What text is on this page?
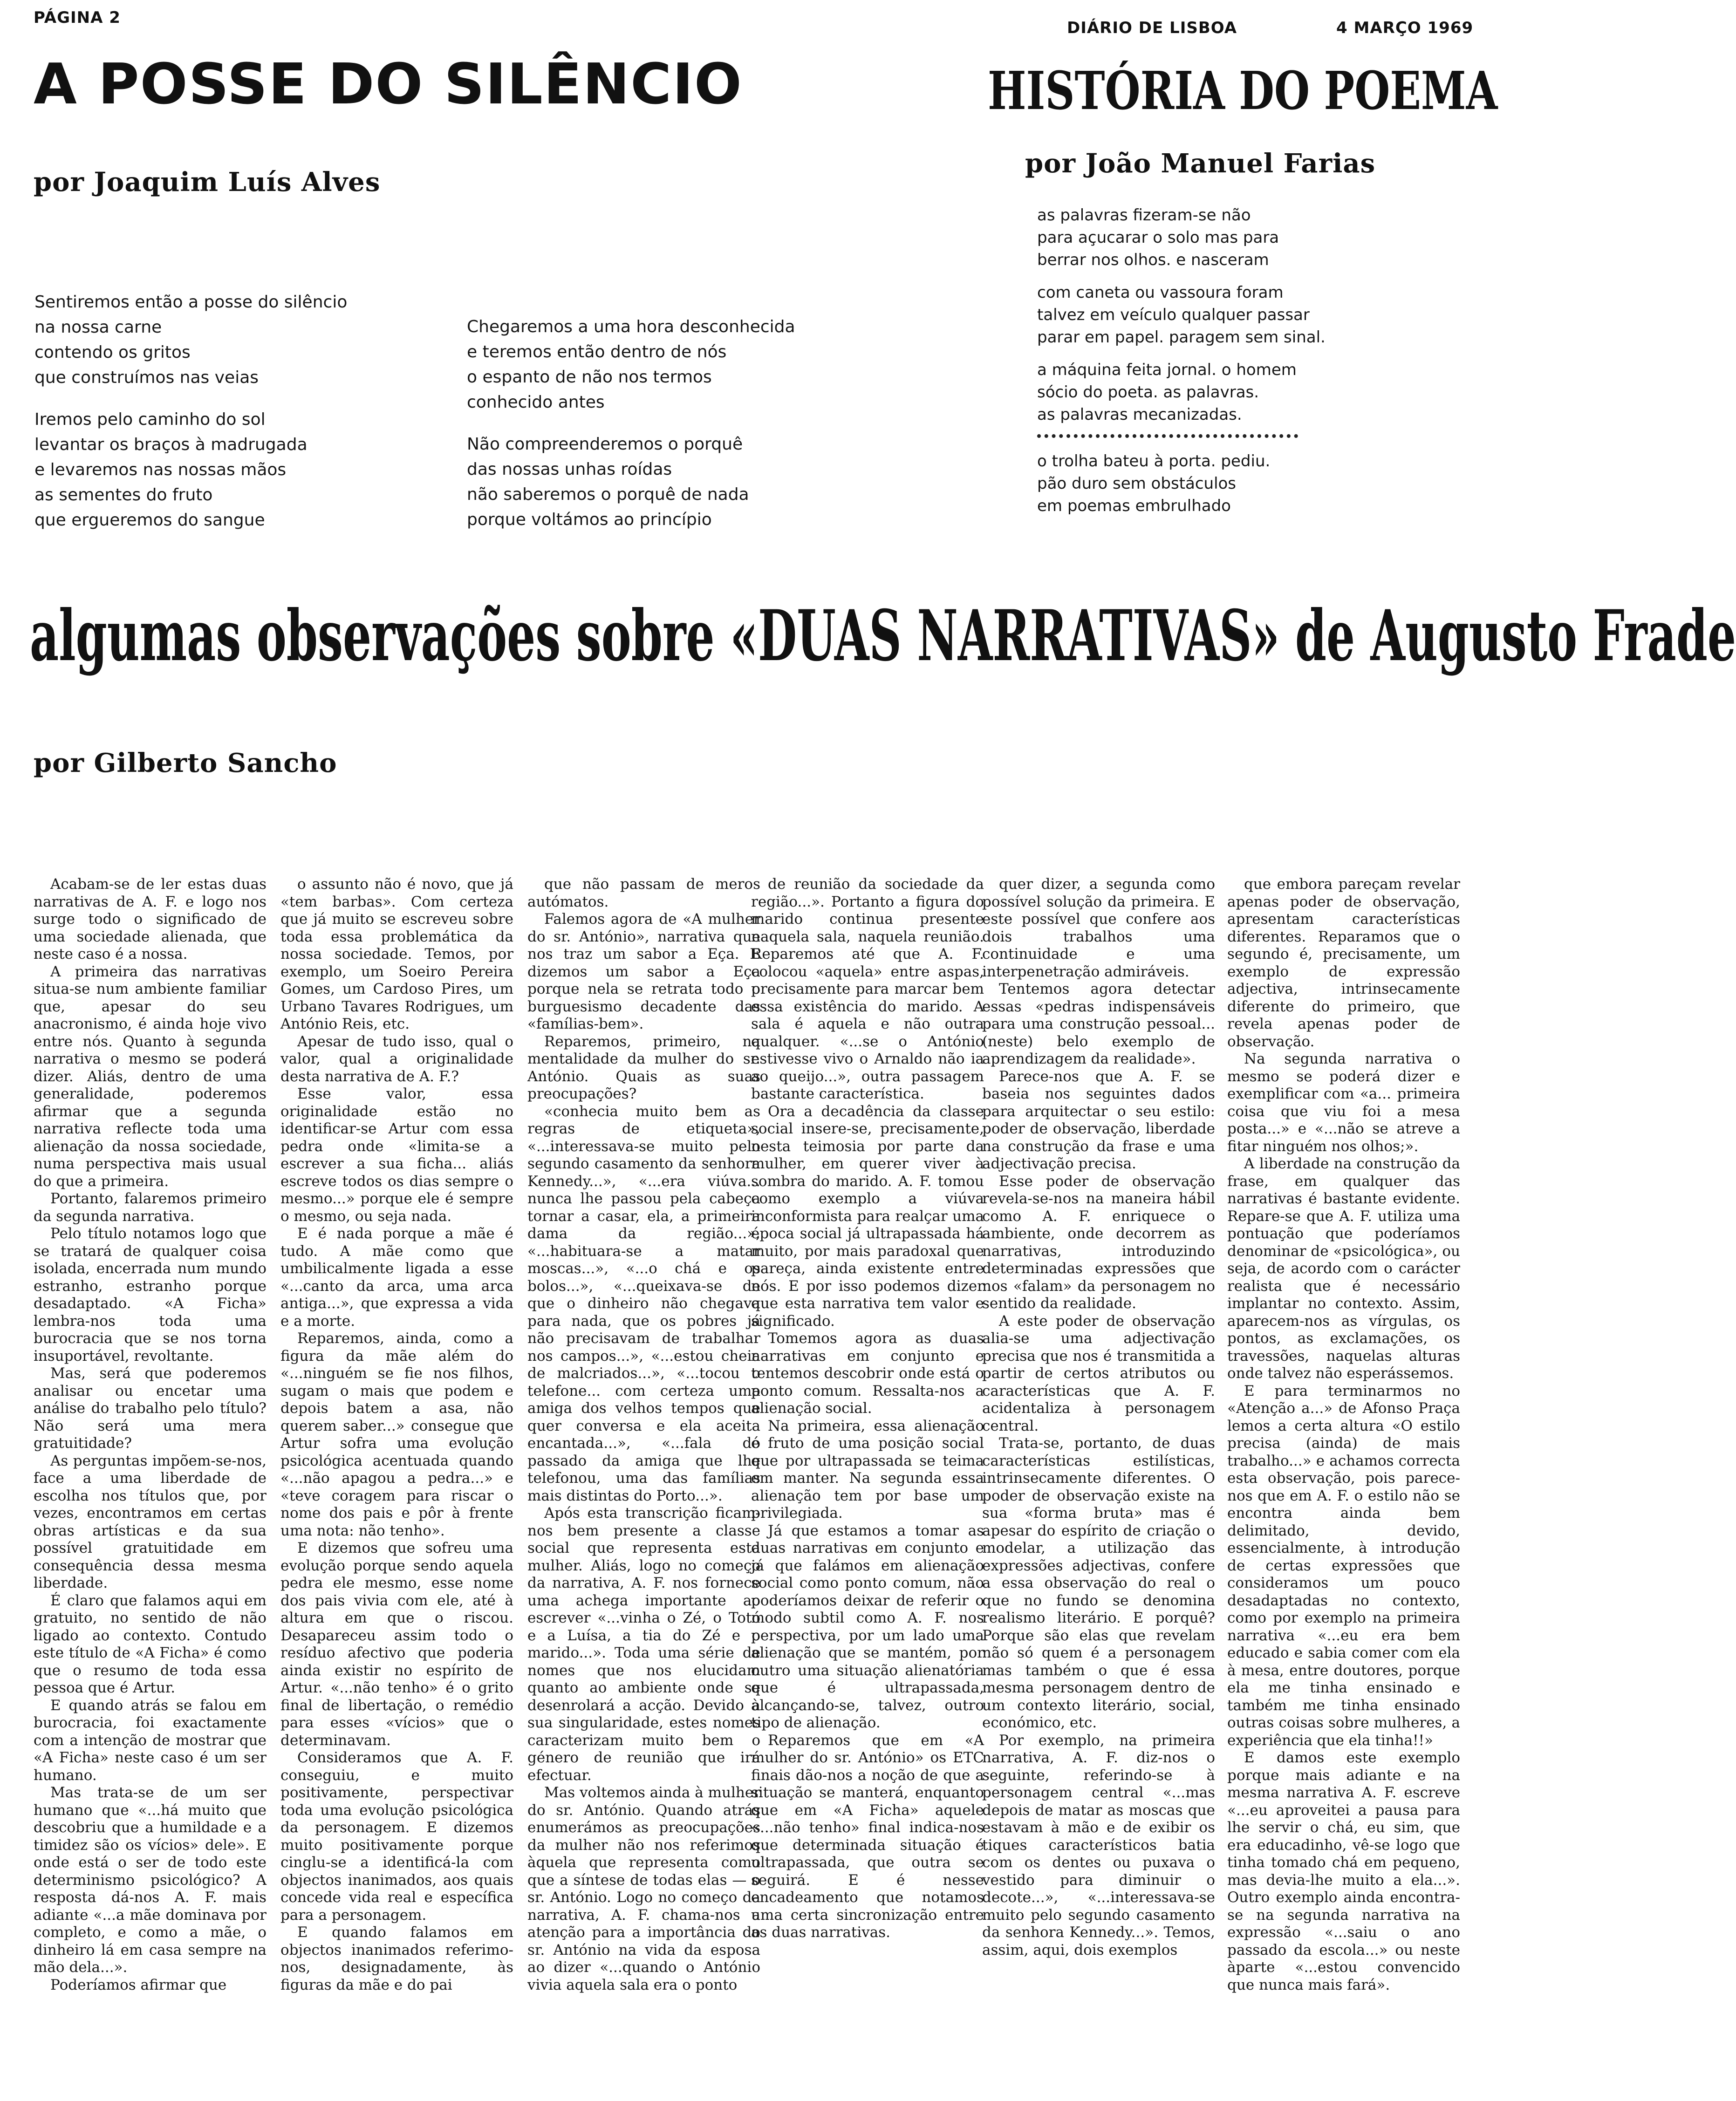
PÁGINA 2
DIÁRIO DE LISBOA	4 MARÇO 1969
A POSSE DO SILÊNCIO
por Joaquim Luís Alves
Sentiremos então a posse do silêncio
na nossa carne
contendo os gritos
que construímos nas veias
Iremos pelo caminho do sol
levantar os braços à madrugada
e levaremos nas nossas mãos
as sementes do fruto
que ergueremos do sangue
Chegaremos a uma hora desconhecida
e teremos então dentro de nós
o espanto de não nos termos
conhecido antes
Não compreenderemos o porquê
das nossas unhas roídas
não saberemos o porquê de nada
porque voltámos ao princípio
HISTÓRIA DO POEMA
por João Manuel Farias
as palavras fizeram-se não
para açucarar o solo mas para
berrar nos olhos. e nasceram
com caneta ou vassoura foram
talvez em veículo qualquer passar
parar em papel. paragem sem sinal.
a máquina feita jornal. o homem
sócio do poeta. as palavras.
as palavras mecanizadas.
o trolha bateu à porta. pediu.
pão duro sem obstáculos
em poemas embrulhado
algumas observações sobre «DUAS NARRATIVAS» de Augusto Frade
por Gilberto Sancho

Acabam-se de ler estas duas narrativas de A. F. e logo nos surge todo o significado de uma sociedade alienada, que neste caso é a nossa.

A primeira das narrativas situa-se num ambiente familiar que, apesar do seu anacronismo, é ainda hoje vivo entre nós. Quanto à segunda narrativa o mesmo se poderá dizer. Aliás, dentro de uma generalidade, poderemos afirmar que a segunda narrativa reflecte toda uma alienação da nossa sociedade, numa perspectiva mais usual do que a primeira.

Portanto, falaremos primeiro da segunda narrativa.

Pelo título notamos logo que se tratará de qualquer coisa isolada, encerrada num mundo estranho, estranho porque desadaptado. «A Ficha» lembra-nos toda uma burocracia que se nos torna insuportável, revoltante.

Mas, será que poderemos analisar ou encetar uma análise do trabalho pelo título? Não será uma mera gratuitidade?

As perguntas impõem-se-nos, face a uma liberdade de escolha nos títulos que, por vezes, encontramos em certas obras artísticas e da sua possível gratuitidade em consequência dessa mesma liberdade.

É claro que falamos aqui em gratuito, no sentido de não ligado ao contexto. Contudo este título de «A Ficha» é como que o resumo de toda essa pessoa que é Artur.

E quando atrás se falou em burocracia, foi exactamente com a intenção de mostrar que «A Ficha» neste caso é um ser humano.

Mas trata-se de um ser humano que «...há muito que descobriu que a humildade e a timidez são os vícios» dele». E onde está o ser de todo este determinismo psicológico? A resposta dá-nos A. F. mais adiante «...a mãe dominava por completo, e como a mãe, o dinheiro lá em casa sempre na mão dela...».

Poderíamos afirmar que

o assunto não é novo, que já «tem barbas». Com certeza que já muito se escreveu sobre toda essa problemática da nossa sociedade. Temos, por exemplo, um Soeiro Pereira Gomes, um Cardoso Pires, um Urbano Tavares Rodrigues, um António Reis, etc.

Apesar de tudo isso, qual o valor, qual a originalidade desta narrativa de A. F.?

Esse valor, essa originalidade estão no identificar-se Artur com essa pedra onde «limita-se a escrever a sua ficha... aliás escreve todos os dias sempre o mesmo...» porque ele é sempre o mesmo, ou seja nada.

E é nada porque a mãe é tudo. A mãe como que umbilicalmente ligada a esse «...canto da arca, uma arca antiga...», que expressa a vida e a morte.

Reparemos, ainda, como a figura da mãe além do «...ninguém se fie nos filhos, sugam o mais que podem e depois batem a asa, não querem saber...» consegue que Artur sofra uma evolução psicológica acentuada quando «...não apagou a pedra...» e «teve coragem para riscar o nome dos pais e pôr à frente uma nota: não tenho».

E dizemos que sofreu uma evolução porque sendo aquela pedra ele mesmo, esse nome dos pais vivia com ele, até à altura em que o riscou. Desapareceu assim todo o resíduo afectivo que poderia ainda existir no espírito de Artur. «...não tenho» é o grito final de libertação, o remédio para esses «vícios» que o determinavam.

Consideramos que A. F. conseguiu, e muito positivamente, perspectivar toda uma evolução psicológica da personagem. E dizemos muito positivamente porque cinglu-se a identificá-la com objectos inanimados, aos quais concede vida real e específica para a personagem.

E quando falamos em objectos inanimados referimo-nos, designadamente, às figuras da mãe e do pai

que não passam de meros autómatos.

Falemos agora de «A mulher do sr. António», narrativa que nos traz um sabor a Eça. E dizemos um sabor a Eça porque nela se retrata todo o burguesismo decadente das «famílias-bem».

Reparemos, primeiro, na mentalidade da mulher do sr. António. Quais as suas preocupações?

«conhecia muito bem as regras de etiqueta», «...interessava-se muito pelo segundo casamento da senhora Kennedy...», «...era viúva... nunca lhe passou pela cabeça tornar a casar, ela, a primeira dama da região...», «...habituara-se a matar moscas...», «...o chá e os bolos...», «...queixava-se de que o dinheiro não chegava para nada, que os pobres já não precisavam de trabalhar nos campos...», «...estou cheia de malcriados...», «...tocou o telefone... com certeza uma amiga dos velhos tempos que quer conversa e ela aceita encantada...», «...fala do passado da amiga que lhe telefonou, uma das famílias mais distintas do Porto...».

Após esta transcrição ficam-nos bem presente a classe social que representa esta mulher. Aliás, logo no começo da narrativa, A. F. nos fornece uma achega importante ao escrever «...vinha o Zé, o Totó e a Luísa, a tia do Zé e o marido...». Toda uma série de nomes que nos elucidam quanto ao ambiente onde se desenrolará a acção. Devido à sua singularidade, estes nomes caracterizam muito bem o género de reunião que irá efectuar.

Mas voltemos ainda à mulher do sr. António. Quando atrás enumerámos as preocupações da mulher não nos referimos àquela que representa como que a síntese de todas elas — o sr. António. Logo no começo da narrativa, A. F. chama-nos a atenção para a importância do sr. António na vida da esposa ao dizer «...quando o António vivia aquela sala era o ponto

de reunião da sociedade da região...». Portanto a figura do marido continua presente naquela sala, naquela reunião. Reparemos até que A. F. colocou «aquela» entre aspas, precisamente para marcar bem essa existência do marido. A sala é aquela e não outra qualquer. «...se o António estivesse vivo o Arnaldo não ia ao queijo...», outra passagem bastante característica.

Ora a decadência da classe social insere-se, precisamente, nesta teimosia por parte da mulher, em querer viver à sombra do marido. A. F. tomou como exemplo a viúva inconformista para realçar uma época social já ultrapassada há muito, por mais paradoxal que pareça, ainda existente entre nós. E por isso podemos dizer que esta narrativa tem valor e significado.

Tomemos agora as duas narrativas em conjunto e tentemos descobrir onde está o ponto comum. Ressalta-nos a alienação social.

Na primeira, essa alienação é fruto de uma posição social que por ultrapassada se teima em manter. Na segunda essa alienação tem por base um privilegiada.

Já que estamos a tomar as duas narrativas em conjunto e já que falámos em alienação social como ponto comum, não poderíamos deixar de referir o modo subtil como A. F. nos perspectiva, por um lado uma alienação que se mantém, por outro uma situação alienatória que é ultrapassada, alcançando-se, talvez, outro tipo de alienação.

Reparemos que em «A mulher do sr. António» os ETC finais dão-nos a noção de que a situação se manterá, enquanto que em «A Ficha» aquele «...não tenho» final indica-nos que determinada situação é ultrapassada, que outra se seguirá. E é nesse encadeamento que notamos uma certa sincronização entre as duas narrativas.

quer dizer, a segunda como possível solução da primeira. E este possível que confere aos dois trabalhos uma continuidade e uma interpenetração admiráveis.

Tentemos agora detectar essas «pedras indispensáveis para uma construção pessoal... (neste) belo exemplo de aprendizagem da realidade».

Parece-nos que A. F. se baseia nos seguintes dados para arquitectar o seu estilo: poder de observação, liberdade na construção da frase e uma adjectivação precisa.

Esse poder de observação revela-se-nos na maneira hábil como A. F. enriquece o ambiente, onde decorrem as narrativas, introduzindo determinadas expressões que nos «falam» da personagem no sentido da realidade.

A este poder de observação alia-se uma adjectivação precisa que nos é transmitida a partir de certos atributos ou características que A. F. acidentaliza à personagem central.

Trata-se, portanto, de duas características estilísticas, intrinsecamente diferentes. O poder de observação existe na sua «forma bruta» mas é apesar do espírito de criação o modelar, a utilização das expressões adjectivas, confere a essa observação do real o que no fundo se denomina realismo literário. E porquê? Porque são elas que revelam não só quem é a personagem mas também o que é essa mesma personagem dentro de um contexto literário, social, económico, etc.

Por exemplo, na primeira narrativa, A. F. diz-nos o seguinte, referindo-se à personagem central «...mas depois de matar as moscas que estavam à mão e de exibir os tiques característicos batia com os dentes ou puxava o vestido para diminuir o decote...», «...interessava-se muito pelo segundo casamento da senhora Kennedy...». Temos, assim, aqui, dois exemplos

que embora pareçam revelar apenas poder de observação, apresentam características diferentes. Reparamos que o segundo é, precisamente, um exemplo de expressão adjectiva, intrinsecamente diferente do primeiro, que revela apenas poder de observação.

Na segunda narrativa o mesmo se poderá dizer e exemplificar com «a... primeira coisa que viu foi a mesa posta...» e «...não se atreve a fitar ninguém nos olhos;».

A liberdade na construção da frase, em qualquer das narrativas é bastante evidente. Repare-se que A. F. utiliza uma pontuação que poderíamos denominar de «psicológica», ou seja, de acordo com o carácter realista que é necessário implantar no contexto. Assim, aparecem-nos as vírgulas, os pontos, as exclamações, os travessões, naquelas alturas onde talvez não esperássemos.

E para terminarmos no «Atenção a...» de Afonso Praça lemos a certa altura «O estilo precisa (ainda) de mais trabalho...» e achamos correcta esta observação, pois parece-nos que em A. F. o estilo não se encontra ainda bem delimitado, devido, essencialmente, à introdução de certas expressões que consideramos um pouco desadaptadas no contexto, como por exemplo na primeira narrativa «...eu era bem educado e sabia comer com ela à mesa, entre doutores, porque ela me tinha ensinado e também me tinha ensinado outras coisas sobre mulheres, a experiência que ela tinha!!»

E damos este exemplo porque mais adiante e na mesma narrativa A. F. escreve «...eu aproveitei a pausa para lhe servir o chá, eu sim, que era educadinho, vê-se logo que tinha tomado chá em pequeno, mas devia-lhe muito a ela...». Outro exemplo ainda encontra-se na segunda narrativa na expressão «...saiu o ano passado da escola...» ou neste àparte «...estou convencido que nunca mais fará».
